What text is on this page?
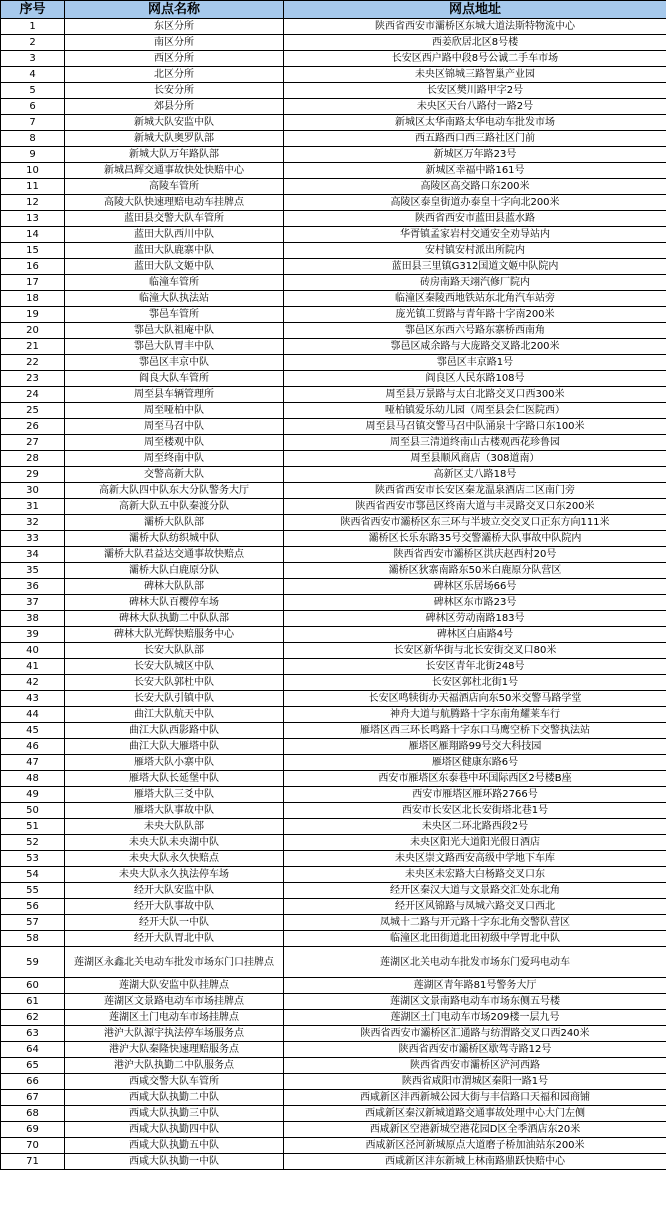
序号	网点名称	网点地址
1	东区分所	陕西省西安市灞桥区东城大道法斯特物流中心
2	南区分所	西姜欣居北区8号楼
3	西区分所	长安区西户路中段8号公诚二手车市场
4	北区分所	未央区锦城三路智巢产业园
5	长安分所	长安区樊川路甲字2号
6	郊县分所	未央区天台八路付一路2号
7	新城大队安监中队	新城区太华南路太华电动车批发市场
8	新城大队奥罗队部	西五路西口西三路社区门前
9	新城大队万年路队部	新城区万年路23号
10	新城昌辉交通事故快处快赔中心	新城区幸福中路161号
11	高陵车管所	高陵区高交路口东200米
12	高陵大队快速理赔电动车挂牌点	高陵区泰皇街道办泰皇十字向北200米
13	蓝田县交警大队车管所	陕西省西安市蓝田县蓝水路
14	蓝田大队西川中队	华胥镇孟家岩村交通安全劝导站内
15	蓝田大队鹿寨中队	安村镇安村派出所院内
16	蓝田大队文姬中队	蓝田县三里镇G312国道文姬中队院内
17	临潼车管所	砖房南路天翊汽修厂院内
18	临潼大队执法站	临潼区秦陵西地铁站东北角汽车站旁
19	鄠邑车管所	庞光镇工贸路与青年路十字南200米
20	鄠邑大队祖庵中队	鄠邑区东西六号路东寨桥西南角
21	鄠邑大队胃丰中队	鄠邑区咸余路与大庞路交叉路北200米
22	鄠邑区丰京中队	鄠邑区丰京路1号
23	阎良大队车管所	阎良区人民东路108号
24	周至县车辆管理所	周至县万景路与太白北路交叉口西300米
25	周至哑柏中队	哑柏镇爱乐幼儿园（周至县会仁医院西）
26	周至马召中队	周至县马召镇交警马召中队涌泉十字路口东100米
27	周至楼观中队	周至县三清道终南山古楼观西花珍鲁园
28	周至终南中队	周至县顺风商店（308道南）
29	交警高新大队	高新区丈八路18号
30	高新大队四中队东大分队警务大厅	陕西省西安市长安区秦龙温泉酒店二区南门旁
31	高新大队五中队秦渡分队	陕西省西安市鄠邑区终南大道与丰灵路交叉口东200米
32	灞桥大队队部	陕西省西安市灞桥区东三环与半坡立交交叉口正东方向111米
33	灞桥大队纺织城中队	灞桥区长乐东路35号交警灞桥大队事故中队院内
34	灞桥大队君益达交通事故快赔点	陕西省西安市灞桥区洪庆赵西村20号
35	灞桥大队白鹿原分队	灞桥区狄寨南路东50米白鹿原分队营区
36	碑林大队队部	碑林区乐居场66号
37	碑林大队百樱停车场	碑林区东市路23号
38	碑林大队执勤二中队队部	碑林区劳动南路183号
39	碑林大队光辉快赔服务中心	碑林区白庙路4号
40	长安大队队部	长安区新华街与北长安街交叉口80米
41	长安大队城区中队	长安区青年北街248号
42	长安大队郭杜中队	长安区郭杜北街1号
43	长安大队引镇中队	长安区鸣犊街办天福酒店向东50米交警马路学堂
44	曲江大队航天中队	神舟大道与航腾路十字东南角耀莱车行
45	曲江大队西影路中队	雁塔区西三环长鸣路十字东口马鹰空桥下交警执法站
46	曲江大队大雁塔中队	雁塔区雁翔路99号交大科技园
47	雁塔大队小寨中队	雁塔区健康东路6号
48	雁塔大队长延堡中队	西安市雁塔区东泰巷中环国际西区2号楼B座
49	雁塔大队三爻中队	西安市雁塔区雁环路2766号
50	雁塔大队事故中队	西安市长安区北长安街塔北巷1号
51	未央大队队部	未央区二环北路西段2号
52	未央大队未央湖中队	未央区阳光大道阳光假日酒店
53	未央大队永久快赔点	未央区崇文路西安高级中学地下车库
54	未央大队永久执法停车场	未央区未宏路大白杨路交叉口东
55	经开大队安监中队	经开区秦汉大道与文景路交汇处东北角
56	经开大队事故中队	经开区风锦路与凤城六路交叉口西北
57	经开大队一中队	凤城十二路与开元路十字东北角交警队营区
58	经开大队胃北中队	临潼区北田街道北田初级中学胃北中队
59	莲湖区永鑫北关电动车批发市场东门口挂牌点	莲湖区北关电动车批发市场东门爱玛电动车
60	莲湖大队安监中队挂牌点	莲湖区青年路81号警务大厅
61	莲湖区文景路电动车市场挂牌点	莲湖区文景南路电动车市场东侧五号楼
62	莲湖区土门电动车市场挂牌点	莲湖区土门电动车市场209楼一层九号
63	港沪大队源宇执法停车场服务点	陕西省西安市灞桥区汇通路与纺渭路交叉口西240米
64	港沪大队秦隆快速理赔服务点	陕西省西安市灞桥区歇驾寺路12号
65	港沪大队执勤二中队服务点	陕西省西安市灞桥区浐河西路
66	西咸交警大队车管所	陕西省咸阳市渭城区秦阳一路1号
67	西咸大队执勤二中队	西咸新区沣西新城公园大街与丰信路口天福和园商铺
68	西咸大队执勤三中队	西咸新区秦汉新城道路交通事故处理中心大门左侧
69	西咸大队执勤四中队	西咸新区空港新城空港花园D区全季酒店东20米
70	西咸大队执勤五中队	西咸新区泾河新城原点大道磨子桥加油站东200米
71	西咸大队执勤一中队	西咸新区沣东新城上林南路鼎跃快赔中心
